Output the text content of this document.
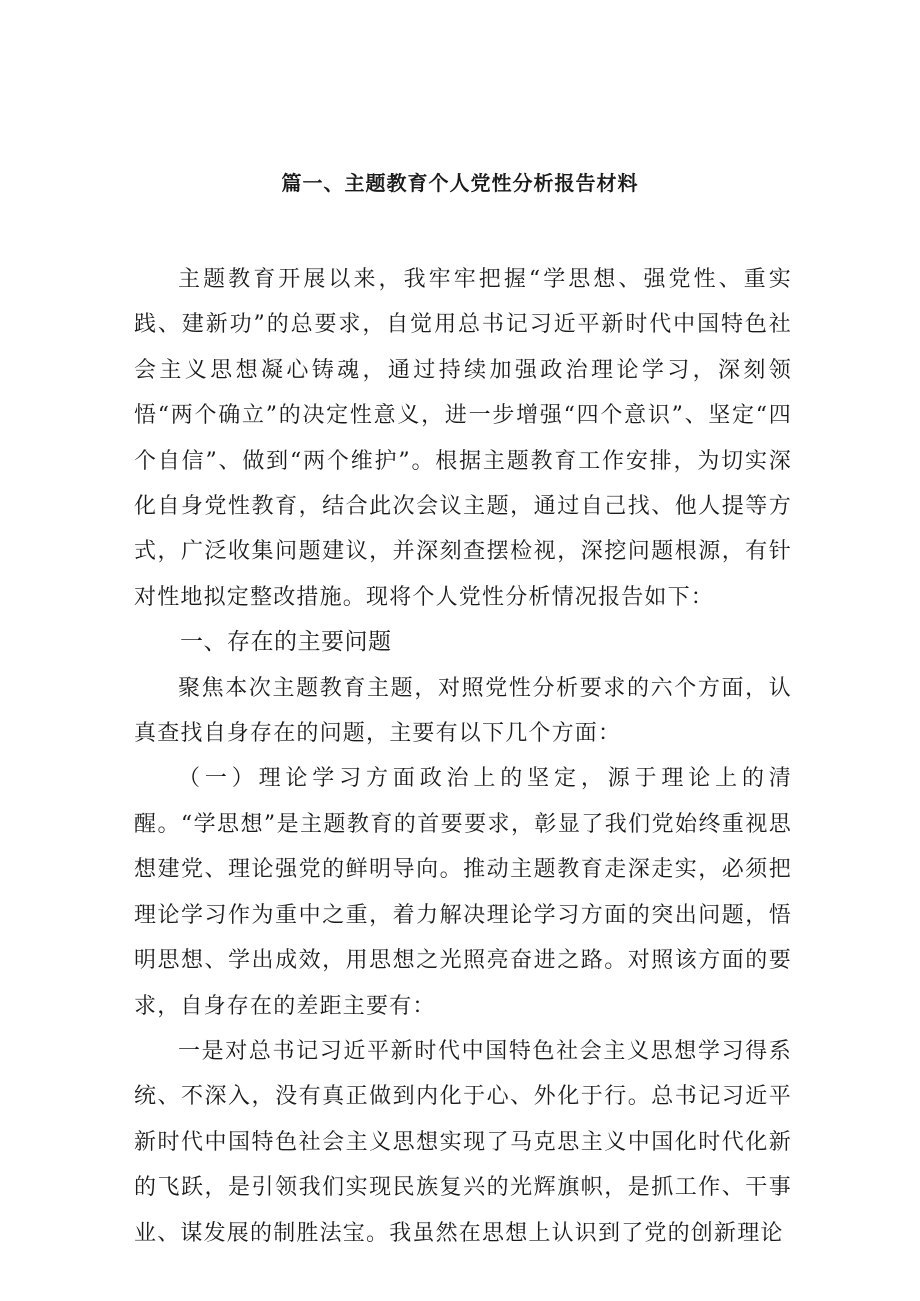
篇一、主题教育个人党性分析报告材料

主题教育开展以来，我牢牢把握“学思想、强党性、重实践、建新功”的总要求，自觉用总书记习近平新时代中国特色社会主义思想凝心铸魂，通过持续加强政治理论学习，深刻领悟“两个确立”的决定性意义，进一步增强“四个意识”、坚定“四个自信”、做到“两个维护”。根据主题教育工作安排，为切实深化自身党性教育，结合此次会议主题，通过自己找、他人提等方式，广泛收集问题建议，并深刻查摆检视，深挖问题根源，有针对性地拟定整改措施。现将个人党性分析情况报告如下：

一、存在的主要问题

聚焦本次主题教育主题，对照党性分析要求的六个方面，认真查找自身存在的问题，主要有以下几个方面：

（一）理论学习方面政治上的坚定，源于理论上的清醒。“学思想”是主题教育的首要要求，彰显了我们党始终重视思想建党、理论强党的鲜明导向。推动主题教育走深走实，必须把理论学习作为重中之重，着力解决理论学习方面的突出问题，悟明思想、学出成效，用思想之光照亮奋进之路。对照该方面的要求，自身存在的差距主要有：

一是对总书记习近平新时代中国特色社会主义思想学习得系统、不深入，没有真正做到内化于心、外化于行。总书记习近平新时代中国特色社会主义思想实现了马克思主义中国化时代化新的飞跃，是引领我们实现民族复兴的光辉旗帜，是抓工作、干事业、谋发展的制胜法宝。我虽然在思想上认识到了党的创新理论
